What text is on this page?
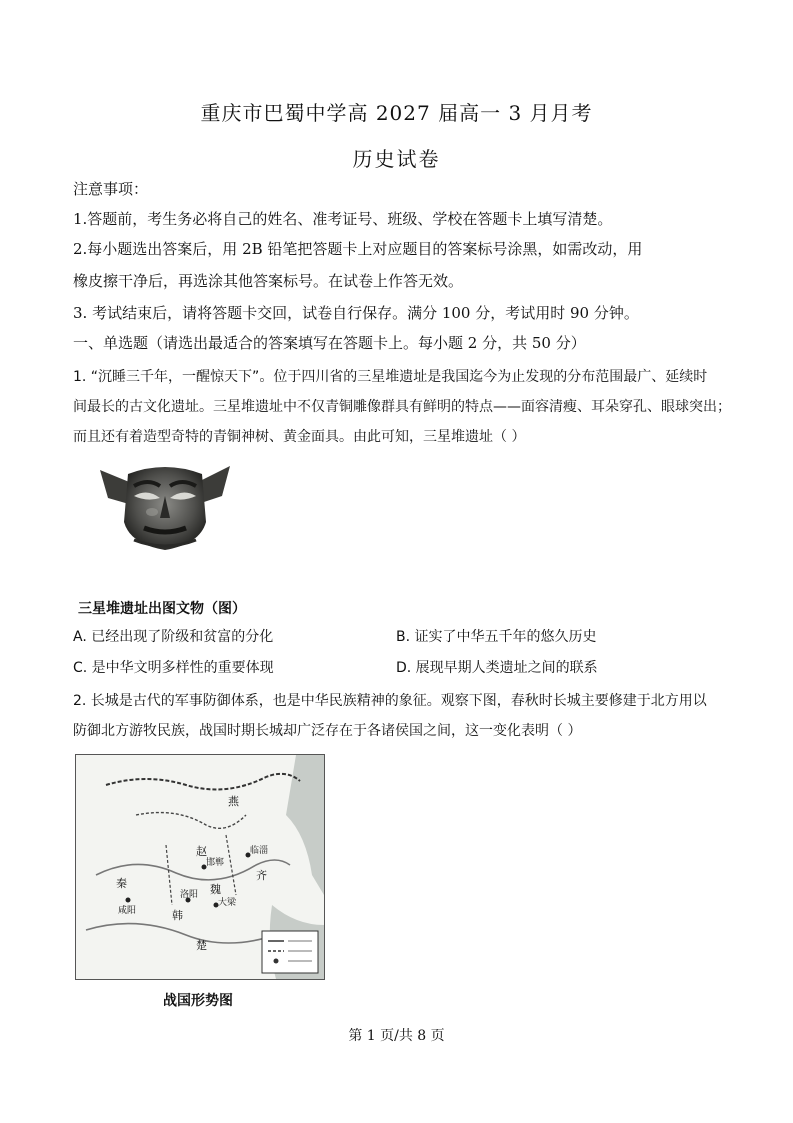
重庆市巴蜀中学高 2027 届高一 3 月月考
历史试卷
注意事项：
1.答题前，考生务必将自己的姓名、准考证号、班级、学校在答题卡上填写清楚。
2.每小题选出答案后，用 2B 铅笔把答题卡上对应题目的答案标号涂黑，如需改动，用
橡皮擦干净后，再选涂其他答案标号。在试卷上作答无效。
3. 考试结束后，请将答题卡交回，试卷自行保存。满分 100 分，考试用时 90 分钟。
一、单选题（请选出最适合的答案填写在答题卡上。每小题 2 分，共 50 分）
1. “沉睡三千年，一醒惊天下”。位于四川省的三星堆遗址是我国迄今为止发现的分布范围最广、延续时
间最长的古文化遗址。三星堆遗址中不仅青铜雕像群具有鲜明的特点——面容清瘦、耳朵穿孔、眼球突出；
而且还有着造型奇特的青铜神树、黄金面具。由此可知，三星堆遗址（ ）
三星堆遗址出图文物（图）
A. 已经出现了阶级和贫富的分化	B. 证实了中华五千年的悠久历史
C. 是中华文明多样性的重要体现	D. 展现早期人类遗址之间的联系
2. 长城是古代的军事防御体系，也是中华民族精神的象征。观察下图，春秋时长城主要修建于北方用以
防御北方游牧民族，战国时期长城却广泛存在于各诸侯国之间，这一变化表明（ ）
燕
赵
秦
齐
魏
韩
楚
洛阳
邯郸
大梁
临淄
咸阳
战国形势图
第 1 页/共 8 页
